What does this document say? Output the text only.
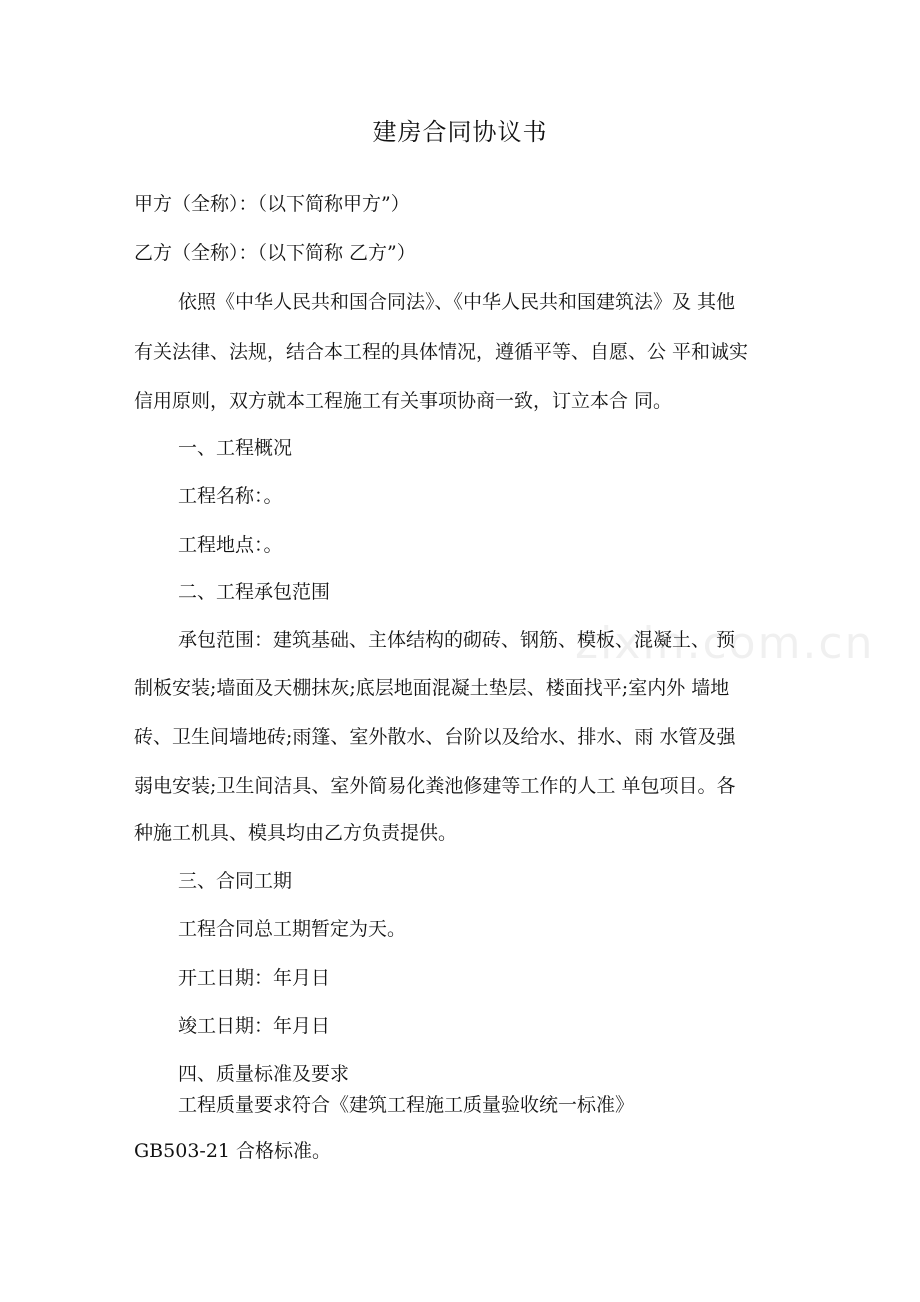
建房合同协议书
甲方（全称）：（以下简称甲方”）
乙方（全称）：（以下简称 乙方”）
依照《中华人民共和国合同法》、《中华人民共和国建筑法》及 其他
有关法律、法规，结合本工程的具体情况，遵循平等、自愿、公 平和诚实
信用原则，双方就本工程施工有关事项协商一致，订立本合 同。
一、工程概况
工程名称：。
工程地点：。
二、工程承包范围
承包范围：建筑基础、主体结构的砌砖、钢筋、模板、混凝土、 预
制板安装;墙面及天棚抹灰;底层地面混凝土垫层、楼面找平;室内外 墙地
砖、卫生间墙地砖;雨篷、室外散水、台阶以及给水、排水、雨 水管及强
弱电安装;卫生间洁具、室外简易化粪池修建等工作的人工 单包项目。各
种施工机具、模具均由乙方负责提供。
三、合同工期
工程合同总工期暂定为天。
开工日期：年月日
竣工日期：年月日
四、质量标准及要求
工程质量要求符合《建筑工程施工质量验收统一标准》
GB503-21 合格标准。
zixin.com.cn
